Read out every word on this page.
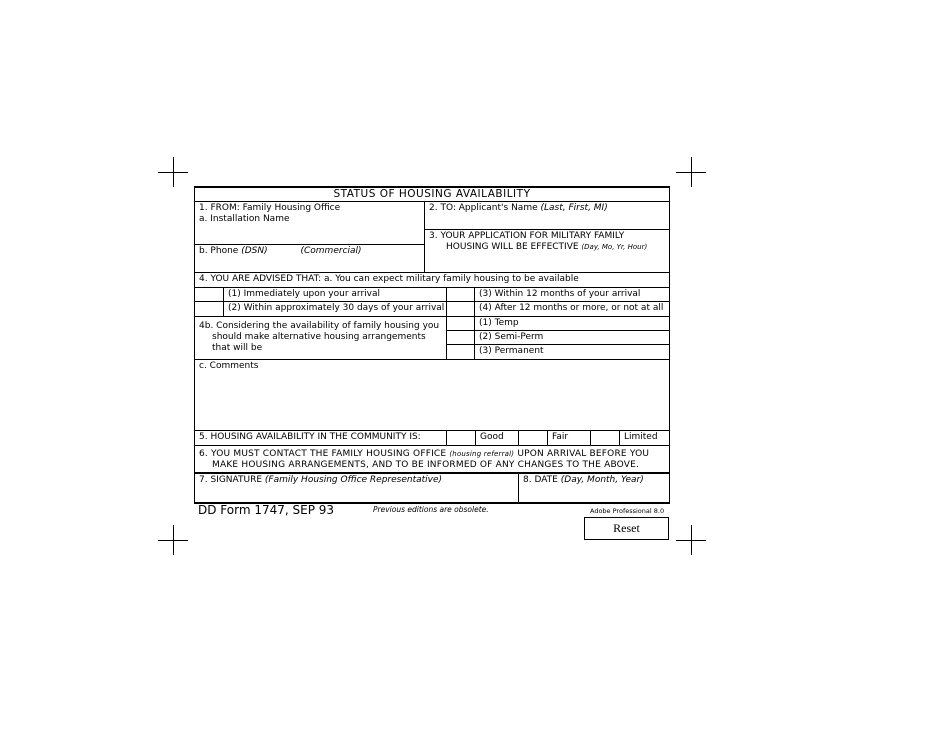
STATUS OF HOUSING AVAILABILITY
1. FROM: Family Housing Office
a. Installation Name
b. Phone (DSN)	(Commercial)
2. TO: Applicant's Name (Last, First, MI)
3. YOUR APPLICATION FOR MILITARY FAMILY
HOUSING WILL BE EFFECTIVE (Day, Mo, Yr, Hour)
4. YOU ARE ADVISED THAT: a. You can expect military family housing to be available
(1) Immediately upon your arrival
(2) Within approximately 30 days of your arrival
(3) Within 12 months of your arrival
(4) After 12 months or more, or not at all
4b. Considering the availability of family housing you should make alternative housing arrangements that will be
(1) Temp
(2) Semi-Perm
(3) Permanent
c. Comments
5. HOUSING AVAILABILITY IN THE COMMUNITY IS:	Good	Fair	Limited
6. YOU MUST CONTACT THE FAMILY HOUSING OFFICE (housing referral) UPON ARRIVAL BEFORE YOU
MAKE HOUSING ARRANGEMENTS, AND TO BE INFORMED OF ANY CHANGES TO THE ABOVE.
7. SIGNATURE (Family Housing Office Representative)	8. DATE (Day, Month, Year)
DD Form 1747, SEP 93	Previous editions are obsolete.	Adobe Professional 8.0
Reset
